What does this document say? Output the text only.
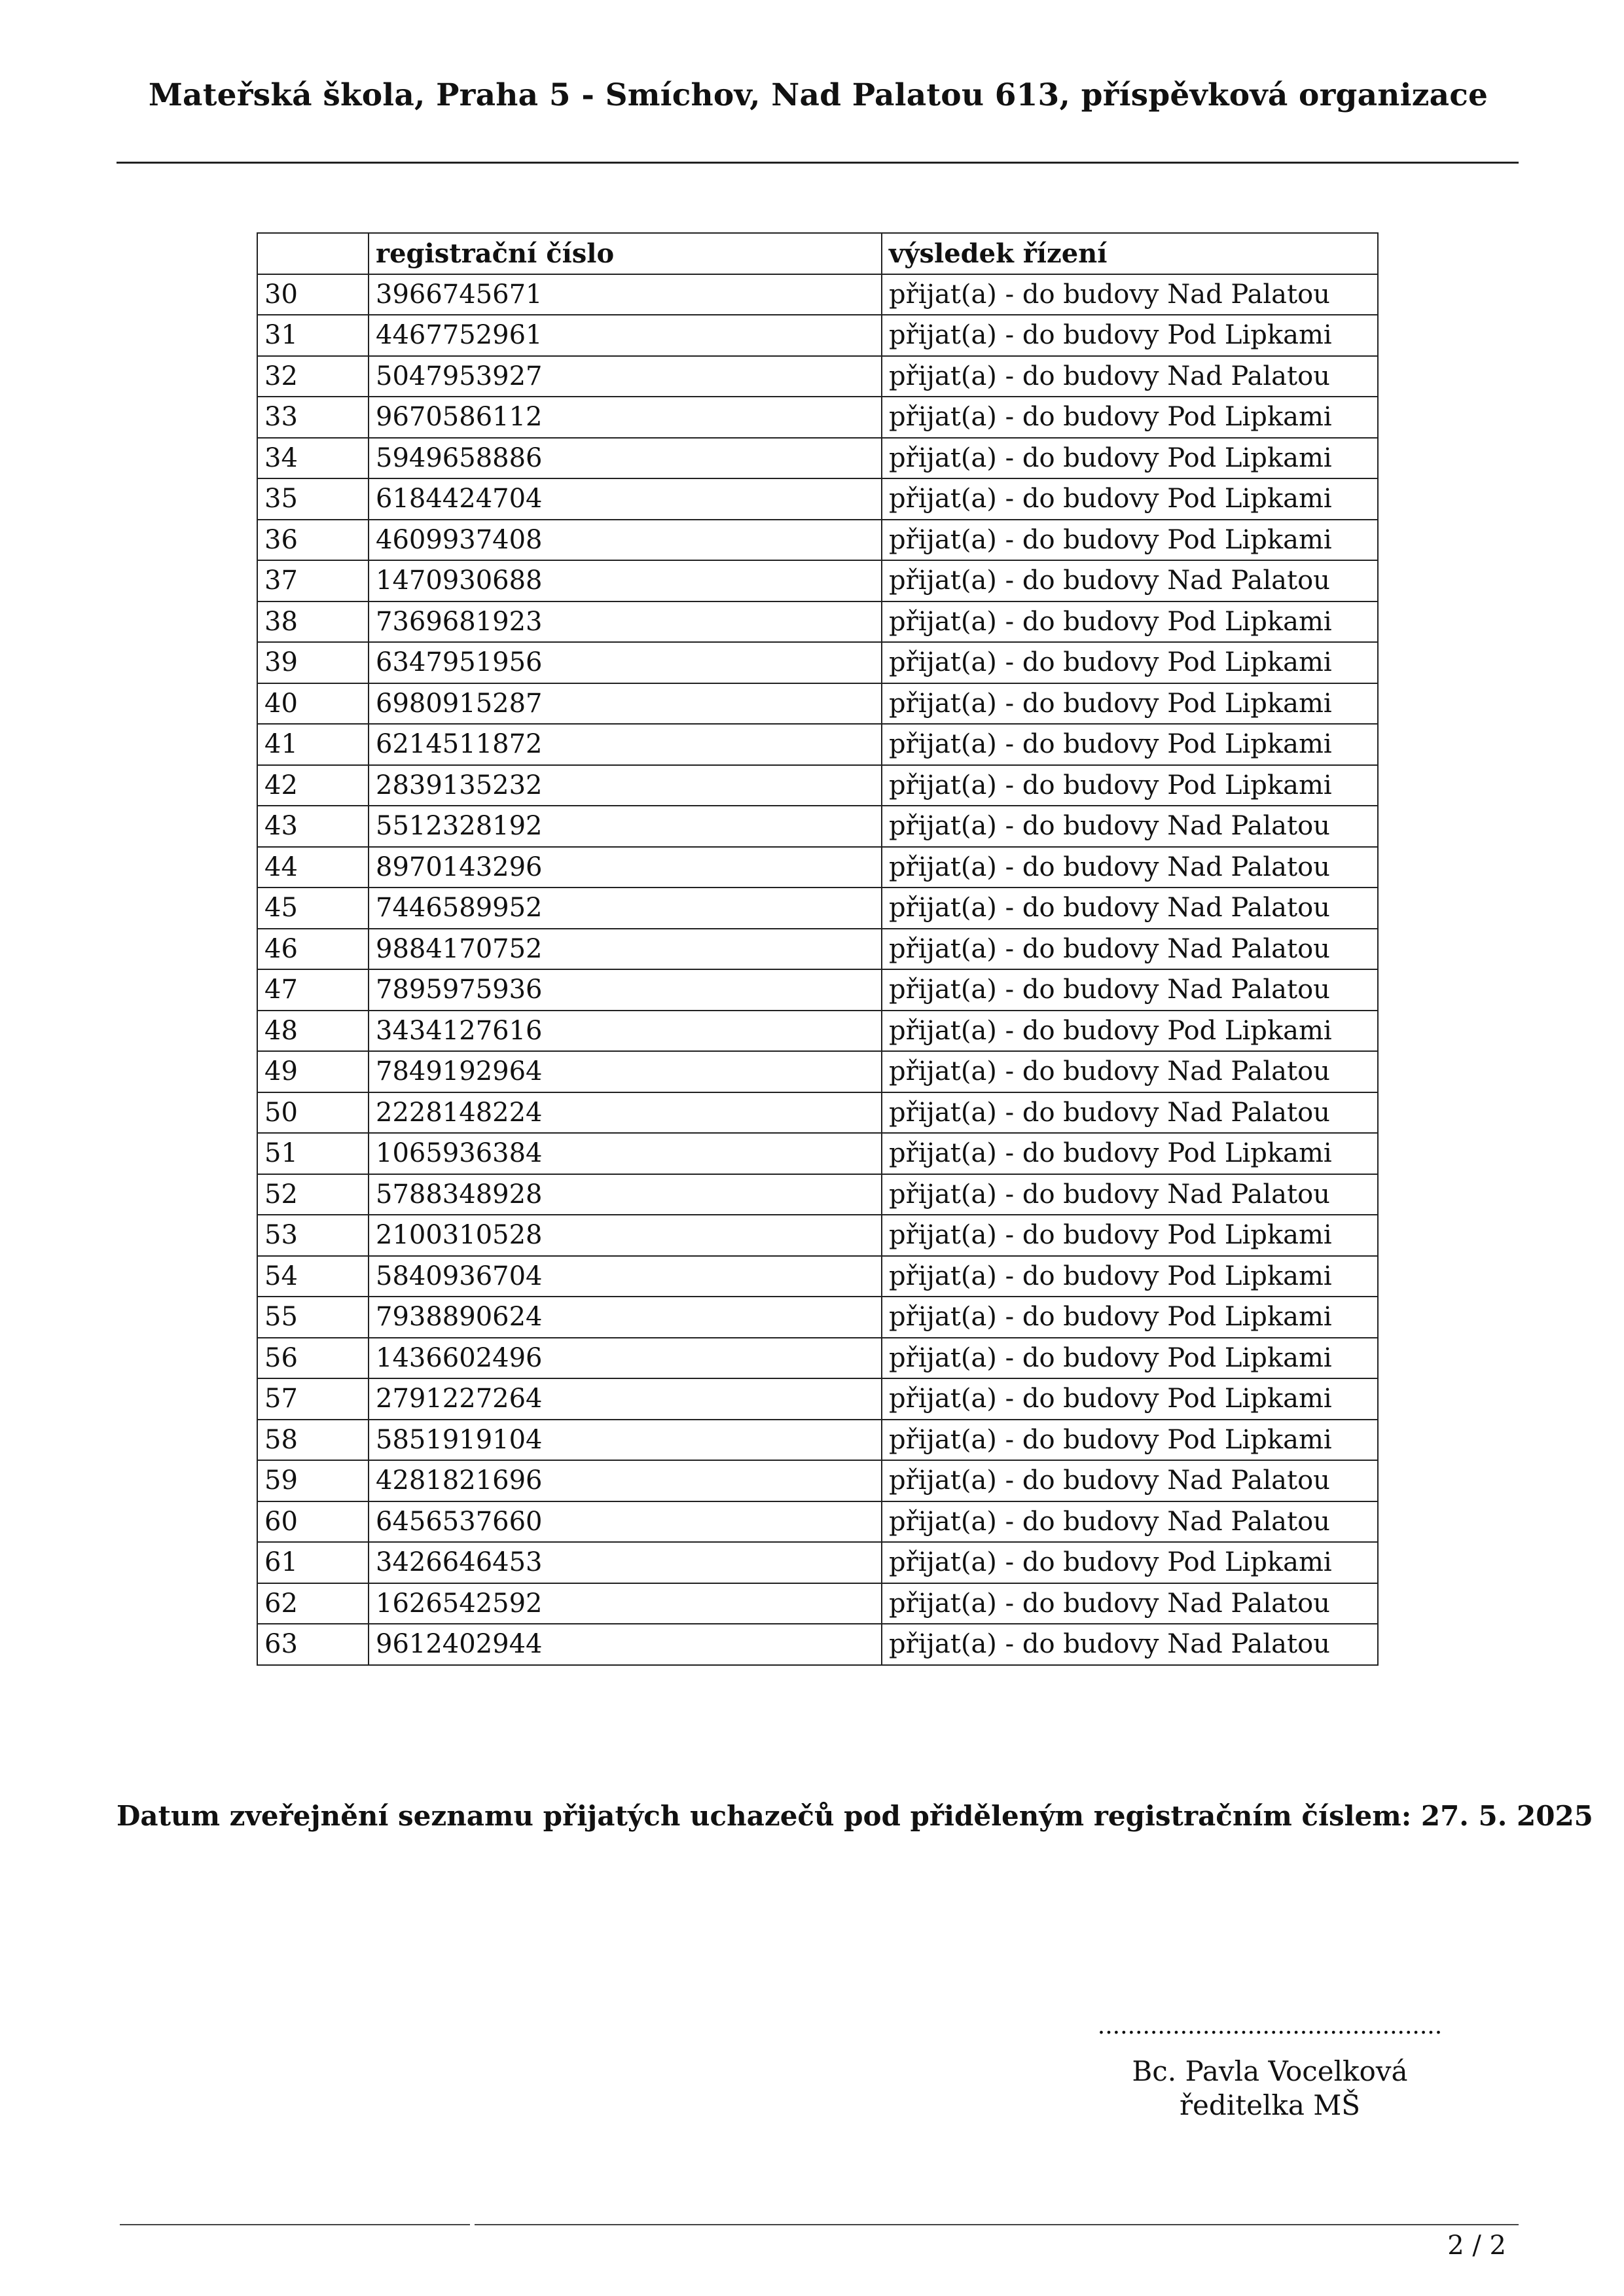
Mateřská škola, Praha 5 - Smíchov, Nad Palatou 613, příspěvková organizace
	registrační číslo	výsledek řízení
30	3966745671	přijat(a) - do budovy Nad Palatou
31	4467752961	přijat(a) - do budovy Pod Lipkami
32	5047953927	přijat(a) - do budovy Nad Palatou
33	9670586112	přijat(a) - do budovy Pod Lipkami
34	5949658886	přijat(a) - do budovy Pod Lipkami
35	6184424704	přijat(a) - do budovy Pod Lipkami
36	4609937408	přijat(a) - do budovy Pod Lipkami
37	1470930688	přijat(a) - do budovy Nad Palatou
38	7369681923	přijat(a) - do budovy Pod Lipkami
39	6347951956	přijat(a) - do budovy Pod Lipkami
40	6980915287	přijat(a) - do budovy Pod Lipkami
41	6214511872	přijat(a) - do budovy Pod Lipkami
42	2839135232	přijat(a) - do budovy Pod Lipkami
43	5512328192	přijat(a) - do budovy Nad Palatou
44	8970143296	přijat(a) - do budovy Nad Palatou
45	7446589952	přijat(a) - do budovy Nad Palatou
46	9884170752	přijat(a) - do budovy Nad Palatou
47	7895975936	přijat(a) - do budovy Nad Palatou
48	3434127616	přijat(a) - do budovy Pod Lipkami
49	7849192964	přijat(a) - do budovy Nad Palatou
50	2228148224	přijat(a) - do budovy Nad Palatou
51	1065936384	přijat(a) - do budovy Pod Lipkami
52	5788348928	přijat(a) - do budovy Nad Palatou
53	2100310528	přijat(a) - do budovy Pod Lipkami
54	5840936704	přijat(a) - do budovy Pod Lipkami
55	7938890624	přijat(a) - do budovy Pod Lipkami
56	1436602496	přijat(a) - do budovy Pod Lipkami
57	2791227264	přijat(a) - do budovy Pod Lipkami
58	5851919104	přijat(a) - do budovy Pod Lipkami
59	4281821696	přijat(a) - do budovy Nad Palatou
60	6456537660	přijat(a) - do budovy Nad Palatou
61	3426646453	přijat(a) - do budovy Pod Lipkami
62	1626542592	přijat(a) - do budovy Nad Palatou
63	9612402944	přijat(a) - do budovy Nad Palatou
Datum zveřejnění seznamu přijatých uchazečů pod přiděleným registračním číslem: 27. 5. 2025
..............................................
Bc. Pavla Vocelková
ředitelka MŠ
2 / 2
